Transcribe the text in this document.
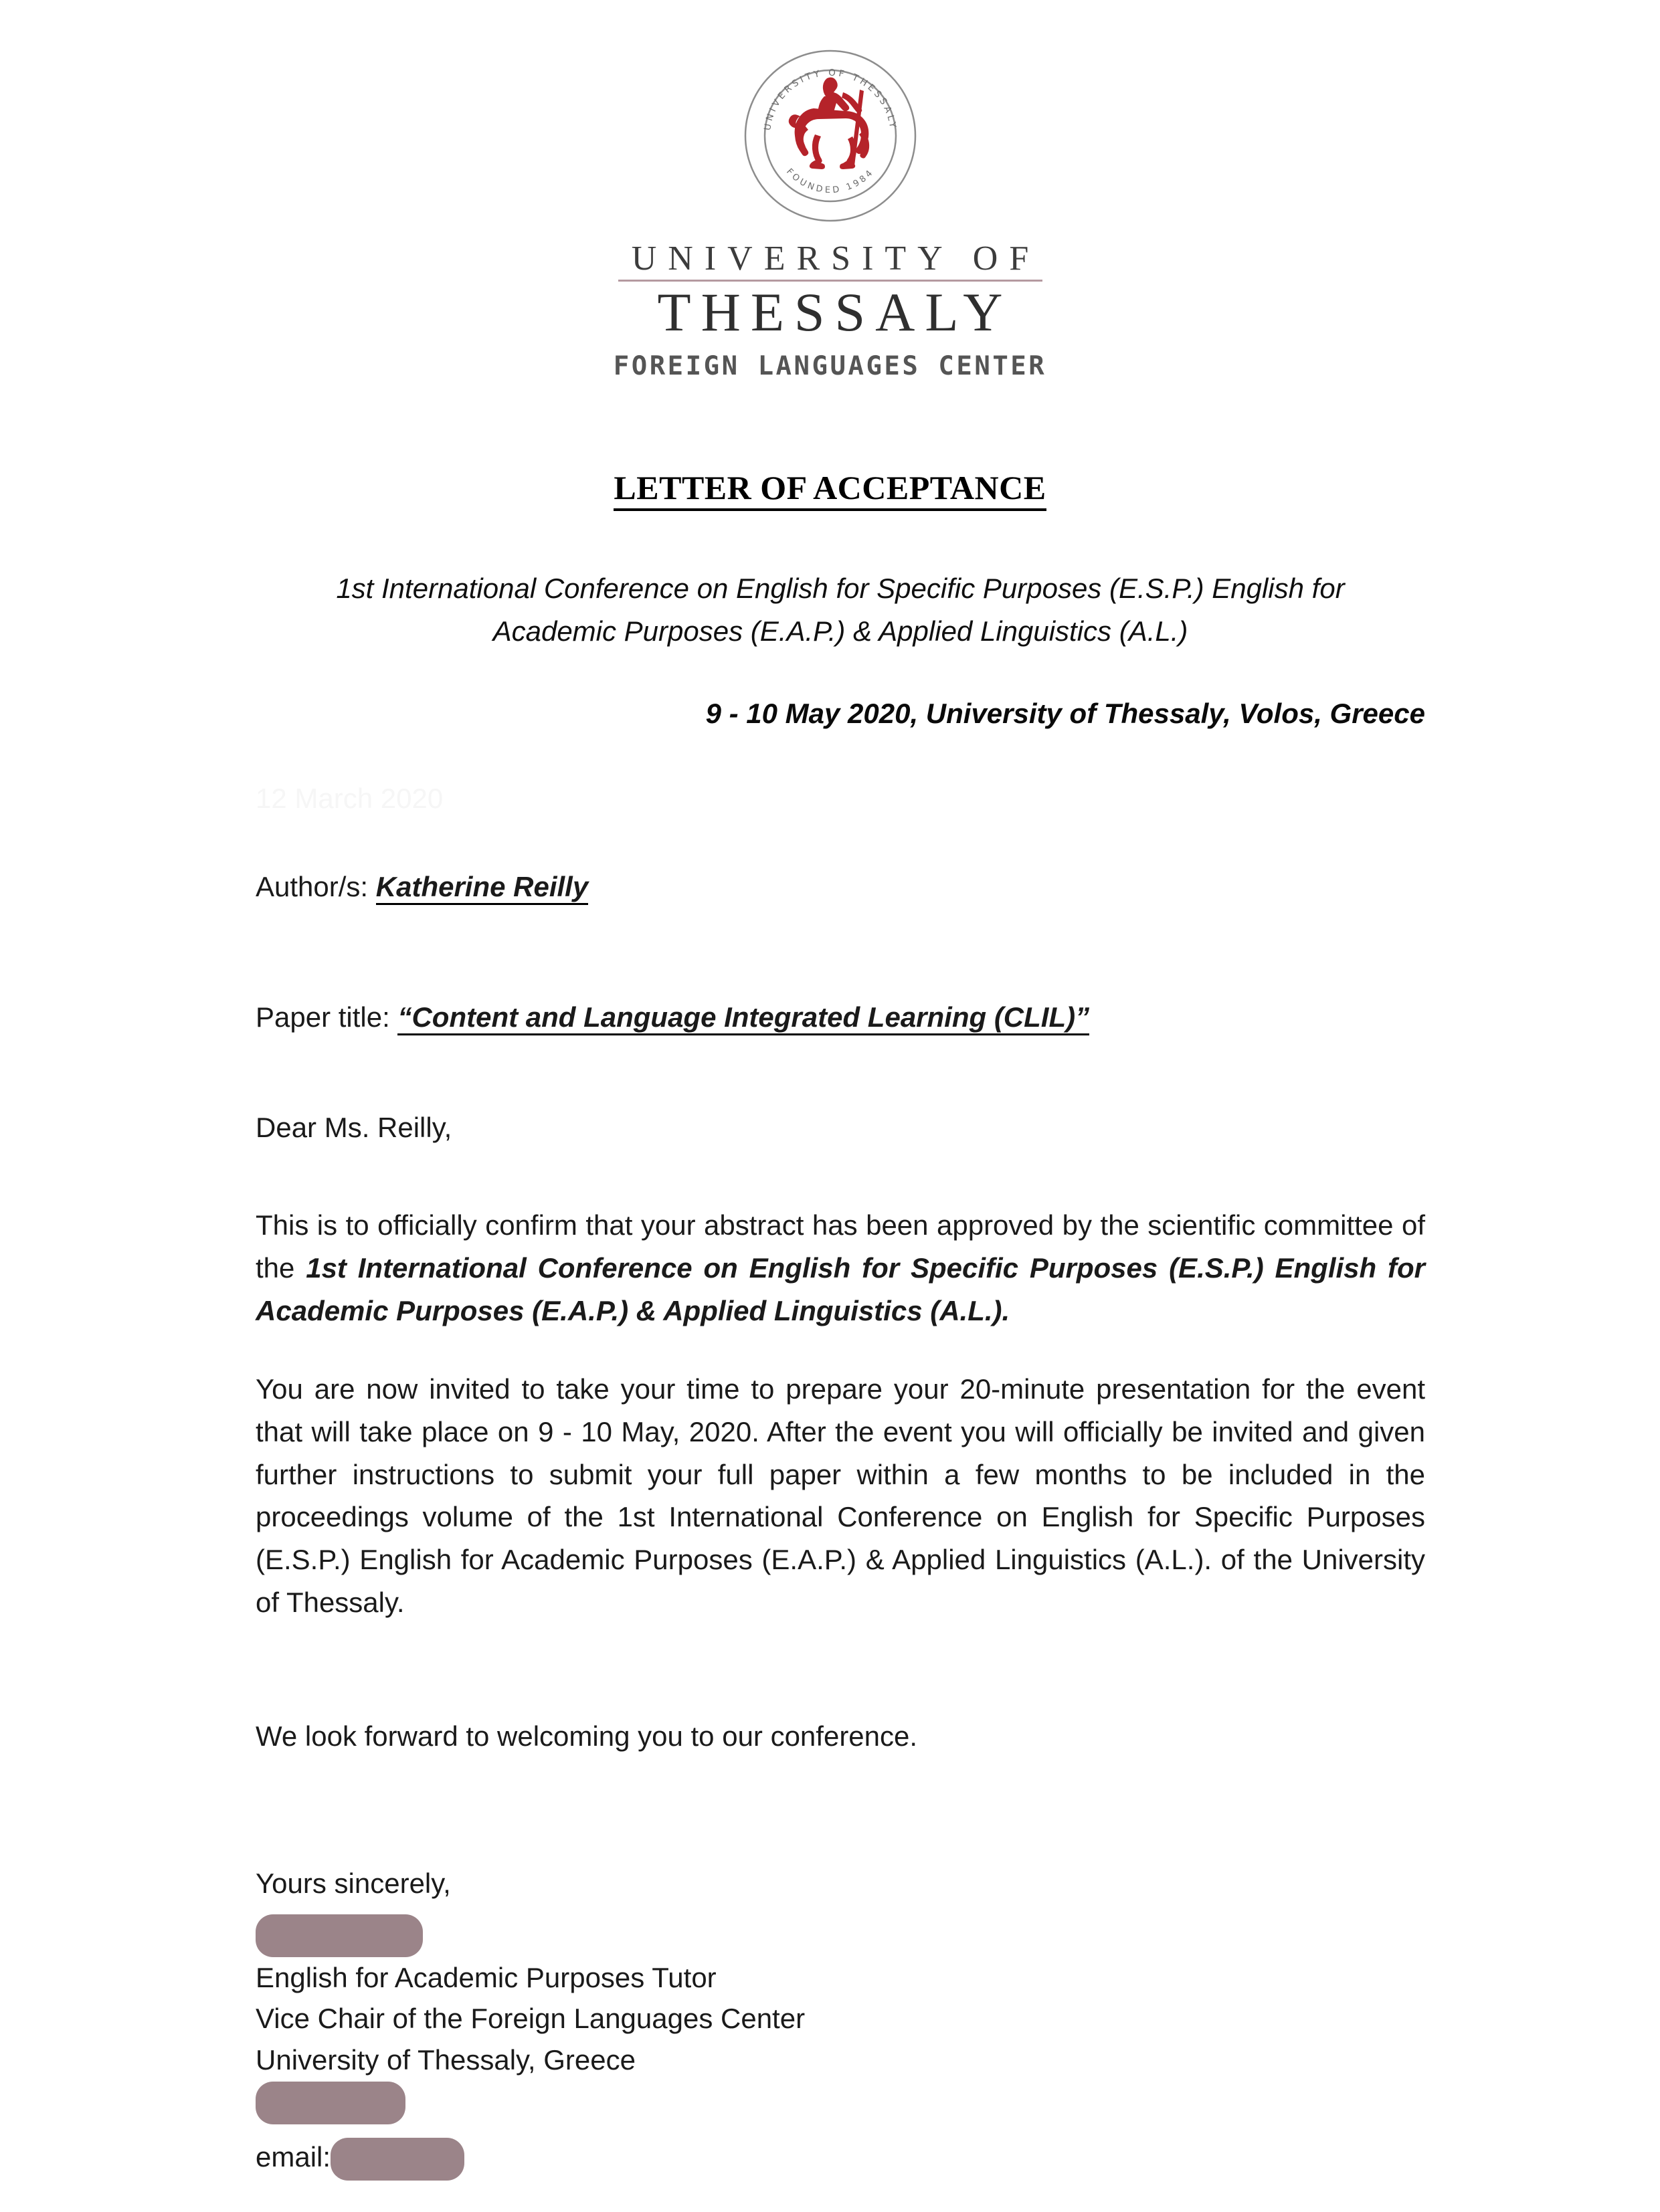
UNIVERSITY OF THESSALY
FOUNDED 1984
UNIVERSITY OF
THESSALY
FOREIGN LANGUAGES CENTER
LETTER OF ACCEPTANCE
1st International Conference on English for Specific Purposes (E.S.P.) English for
Academic Purposes (E.A.P.) & Applied Linguistics (A.L.)
9 - 10 May 2020, University of Thessaly, Volos, Greece
12 March 2020
Author/s: Katherine Reilly
Paper title: “Content and Language Integrated Learning (CLIL)”
Dear Ms. Reilly,
This is to officially confirm that your abstract has been approved by the scientific committee of the 1st International Conference on English for Specific Purposes (E.S.P.) English for Academic Purposes (E.A.P.) & Applied Linguistics (A.L.).
You are now invited to take your time to prepare your 20-minute presentation for the event that will take place on 9 - 10 May, 2020. After the event you will officially be invited and given further instructions to submit your full paper within a few months to be included in the proceedings volume of the 1st International Conference on English for Specific Purposes (E.S.P.) English for Academic Purposes (E.A.P.) & Applied Linguistics (A.L.). of the University of Thessaly.
We look forward to welcoming you to our conference.
Yours sincerely,

English for Academic Purposes Tutor
Vice Chair of the Foreign Languages Center
University of Thessaly, Greece

email:
